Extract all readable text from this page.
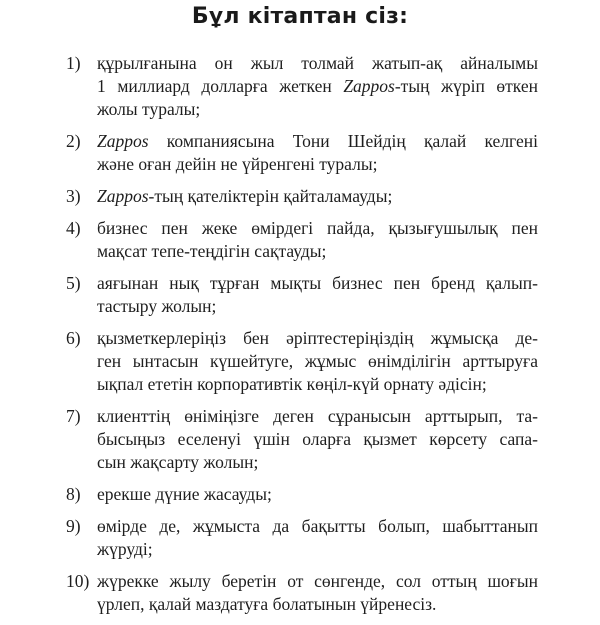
Бұл кітаптан сіз:
1) құрылғанына он жыл толмай жатып-ақ айналымы
1 миллиард долларға жеткен Zappos-тың жүріп өткен
жолы туралы;
2) Zappos компаниясына Тони Шейдің қалай келгені
және оған дейін не үйренгені туралы;
3) Zappos-тың қателіктерін қайталамауды;
4) бизнес пен жеке өмірдегі пайда, қызығушылық пен
мақсат тепе-теңдігін сақтауды;
5) аяғынан нық тұрған мықты бизнес пен бренд қалып-
тастыру жолын;
6) қызметкерлеріңіз бен әріптестеріңіздің жұмысқа де-
ген ынтасын күшейтуге, жұмыс өнімділігін арттыруға
ықпал ететін корпоративтік көңіл-күй орнату әдісін;
7) клиенттің өніміңізге деген сұранысын арттырып, та-
бысыңыз еселенуі үшін оларға қызмет көрсету сапа-
сын жақсарту жолын;
8) ерекше дүние жасауды;
9) өмірде де, жұмыста да бақытты болып, шабыттанып
жүруді;
10) жүрекке жылу беретін от сөнгенде, сол оттың шоғын
үрлеп, қалай маздатуға болатынын үйренесіз.
